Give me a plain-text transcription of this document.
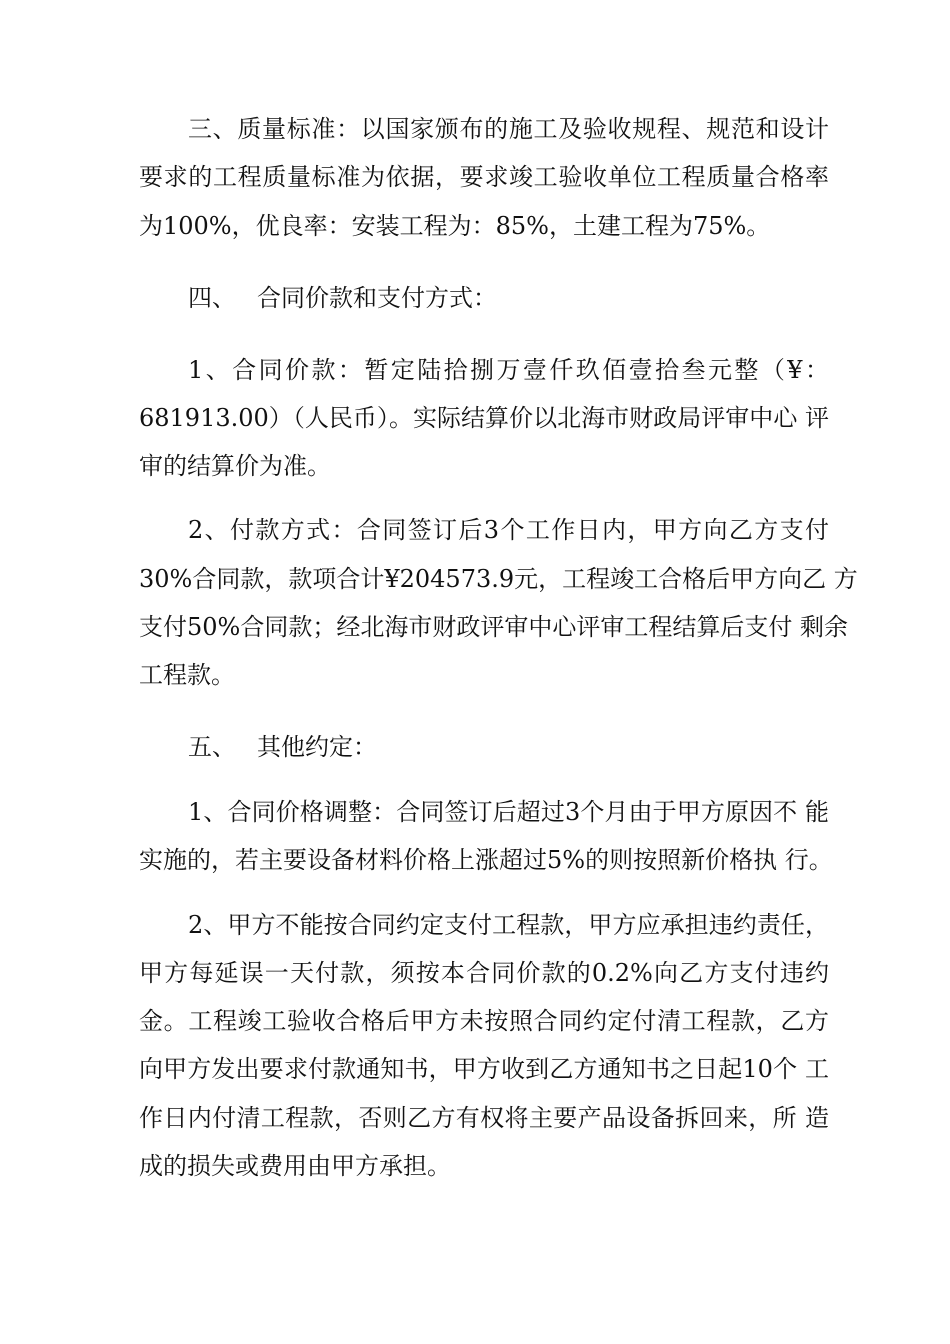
三、质量标准：以国家颁布的施工及验收规程、规范和设计
要求的工程质量标准为依据，要求竣工验收单位工程质量合格率
为100%，优良率：安装工程为：85%，土建工程为75%。
四、 合同价款和支付方式：
1、合同价款：暂定陆拾捌万壹仟玖佰壹拾叁元整（¥：
681913.00）（人民币）。实际结算价以北海市财政局评审中心 评
审的结算价为准。
2、付款方式：合同签订后3个工作日内，甲方向乙方支付
30%合同款，款项合计¥204573.9元，工程竣工合格后甲方向乙 方
支付50%合同款；经北海市财政评审中心评审工程结算后支付 剩余
工程款。
五、 其他约定：
1、合同价格调整：合同签订后超过3个月由于甲方原因不 能
实施的，若主要设备材料价格上涨超过5%的则按照新价格执 行。
2、甲方不能按合同约定支付工程款，甲方应承担违约责任，
甲方每延误一天付款，须按本合同价款的0.2%向乙方支付违约
金。工程竣工验收合格后甲方未按照合同约定付清工程款，乙方
向甲方发出要求付款通知书，甲方收到乙方通知书之日起10个 工
作日内付清工程款，否则乙方有权将主要产品设备拆回来，所 造
成的损失或费用由甲方承担。
